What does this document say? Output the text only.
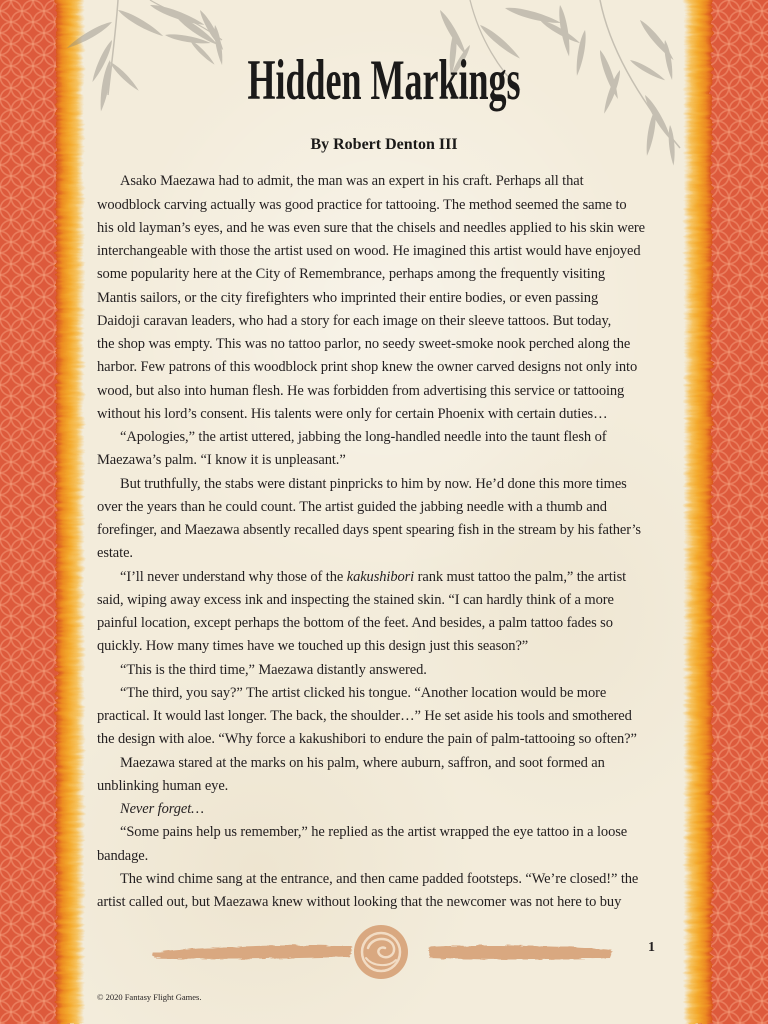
Hidden Markings
By Robert Denton III
Asako Maezawa had to admit, the man was an expert in his craft. Perhaps all that
woodblock carving actually was good practice for tattooing. The method seemed the same to
his old layman’s eyes, and he was even sure that the chisels and needles applied to his skin were
interchangeable with those the artist used on wood. He imagined this artist would have enjoyed
some popularity here at the City of Remembrance, perhaps among the frequently visiting
Mantis sailors, or the city firefighters who imprinted their entire bodies, or even passing
Daidoji caravan leaders, who had a story for each image on their sleeve tattoos. But today,
the shop was empty. This was no tattoo parlor, no seedy sweet-smoke nook perched along the
harbor. Few patrons of this woodblock print shop knew the owner carved designs not only into
wood, but also into human flesh. He was forbidden from advertising this service or tattooing
without his lord’s consent. His talents were only for certain Phoenix with certain duties…
“Apologies,” the artist uttered, jabbing the long-handled needle into the taunt flesh of
Maezawa’s palm. “I know it is unpleasant.”
But truthfully, the stabs were distant pinpricks to him by now. He’d done this more times
over the years than he could count. The artist guided the jabbing needle with a thumb and
forefinger, and Maezawa absently recalled days spent spearing fish in the stream by his father’s
estate.
“I’ll never understand why those of the kakushibori rank must tattoo the palm,” the artist
said, wiping away excess ink and inspecting the stained skin. “I can hardly think of a more
painful location, except perhaps the bottom of the feet. And besides, a palm tattoo fades so
quickly. How many times have we touched up this design just this season?”
“This is the third time,” Maezawa distantly answered.
“The third, you say?” The artist clicked his tongue. “Another location would be more
practical. It would last longer. The back, the shoulder…” He set aside his tools and smothered
the design with aloe. “Why force a kakushibori to endure the pain of palm-tattooing so often?”
Maezawa stared at the marks on his palm, where auburn, saffron, and soot formed an
unblinking human eye.
Never forget…
“Some pains help us remember,” he replied as the artist wrapped the eye tattoo in a loose
bandage.
The wind chime sang at the entrance, and then came padded footsteps. “We’re closed!” the
artist called out, but Maezawa knew without looking that the newcomer was not here to buy
1
© 2020 Fantasy Flight Games.
